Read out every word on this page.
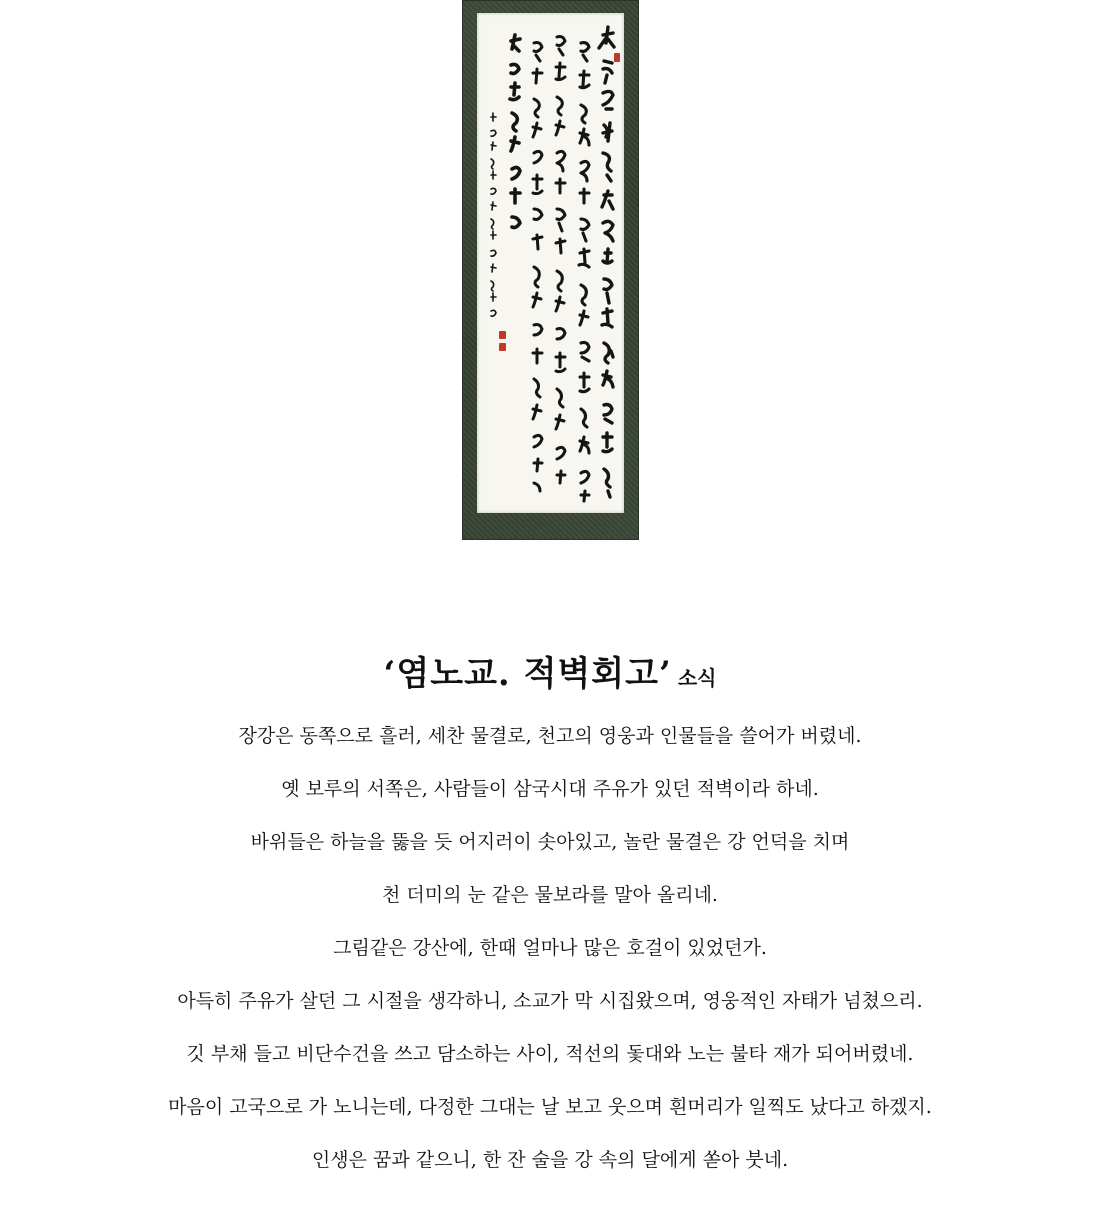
‘염노교. 적벽회고’ 소식
장강은 동쪽으로 흘러, 세찬 물결로, 천고의 영웅과 인물들을 쓸어가 버렸네.
옛 보루의 서쪽은, 사람들이 삼국시대 주유가 있던 적벽이라 하네.
바위들은 하늘을 뚫을 듯 어지러이 솟아있고, 놀란 물결은 강 언덕을 치며
천 더미의 눈 같은 물보라를 말아 올리네.
그림같은 강산에, 한때 얼마나 많은 호걸이 있었던가.
아득히 주유가 살던 그 시절을 생각하니, 소교가 막 시집왔으며, 영웅적인 자태가 넘쳤으리.
깃 부채 들고 비단수건을 쓰고 담소하는 사이, 적선의 돛대와 노는 불타 재가 되어버렸네.
마음이 고국으로 가 노니는데, 다정한 그대는 날 보고 웃으며 흰머리가 일찍도 났다고 하겠지.
인생은 꿈과 같으니, 한 잔 술을 강 속의 달에게 쏟아 붓네.
